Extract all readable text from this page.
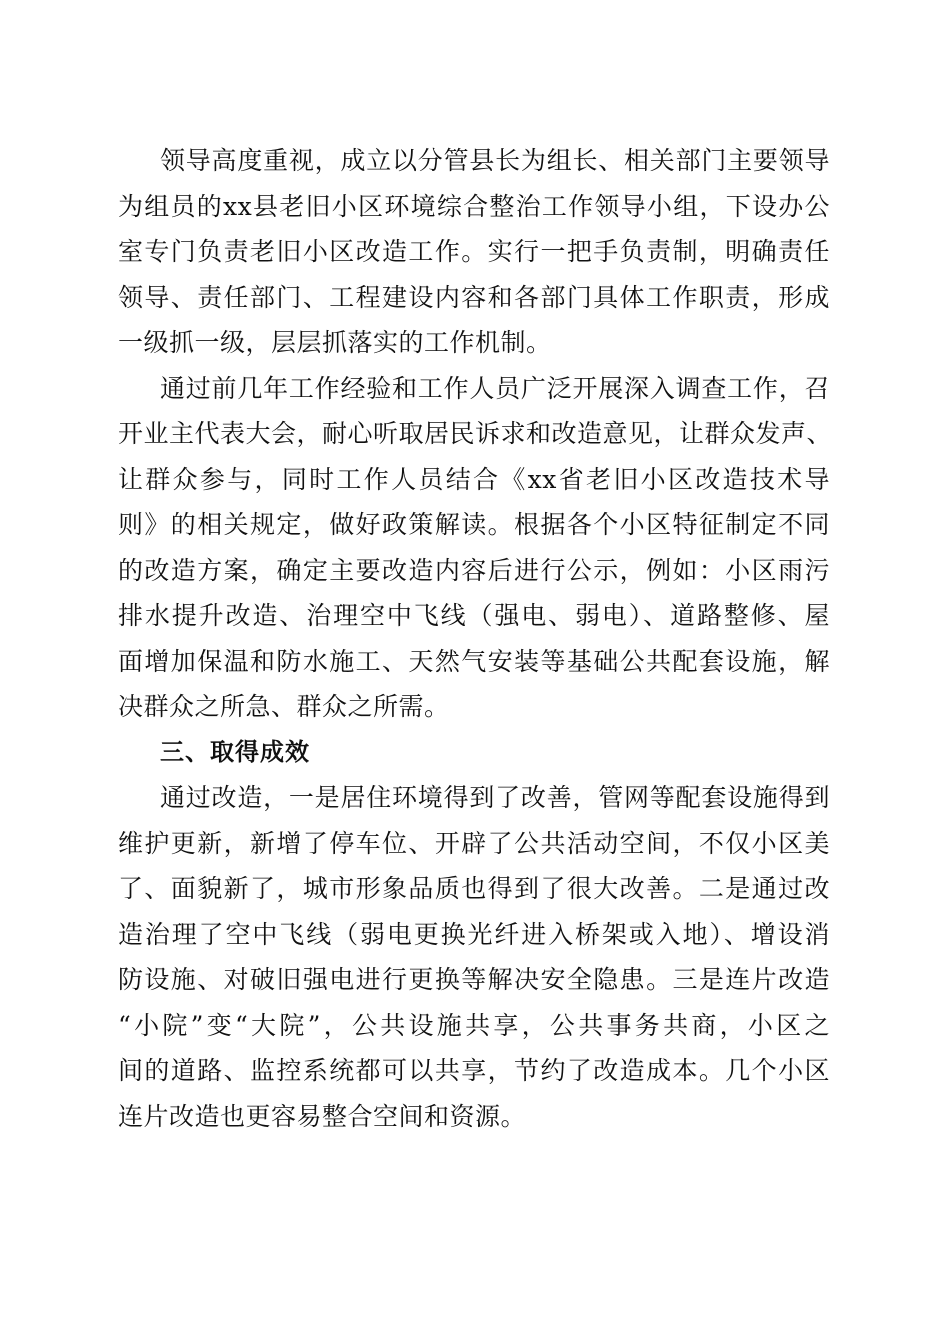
领导高度重视，成立以分管县长为组长、相关部门主要领导
为组员的xx县老旧小区环境综合整治工作领导小组，下设办公
室专门负责老旧小区改造工作。实行一把手负责制，明确责任
领导、责任部门、工程建设内容和各部门具体工作职责，形成
一级抓一级，层层抓落实的工作机制。
通过前几年工作经验和工作人员广泛开展深入调查工作，召
开业主代表大会，耐心听取居民诉求和改造意见，让群众发声、
让群众参与，同时工作人员结合《xx省老旧小区改造技术导
则》的相关规定，做好政策解读。根据各个小区特征制定不同
的改造方案，确定主要改造内容后进行公示，例如：小区雨污
排水提升改造、治理空中飞线（强电、弱电）、道路整修、屋
面增加保温和防水施工、天然气安装等基础公共配套设施，解
决群众之所急、群众之所需。
三、取得成效
通过改造，一是居住环境得到了改善，管网等配套设施得到
维护更新，新增了停车位、开辟了公共活动空间，不仅小区美
了、面貌新了，城市形象品质也得到了很大改善。二是通过改
造治理了空中飞线（弱电更换光纤进入桥架或入地）、增设消
防设施、对破旧强电进行更换等解决安全隐患。三是连片改造
“小院”变“大院”，公共设施共享，公共事务共商，小区之
间的道路、监控系统都可以共享，节约了改造成本。几个小区
连片改造也更容易整合空间和资源。
